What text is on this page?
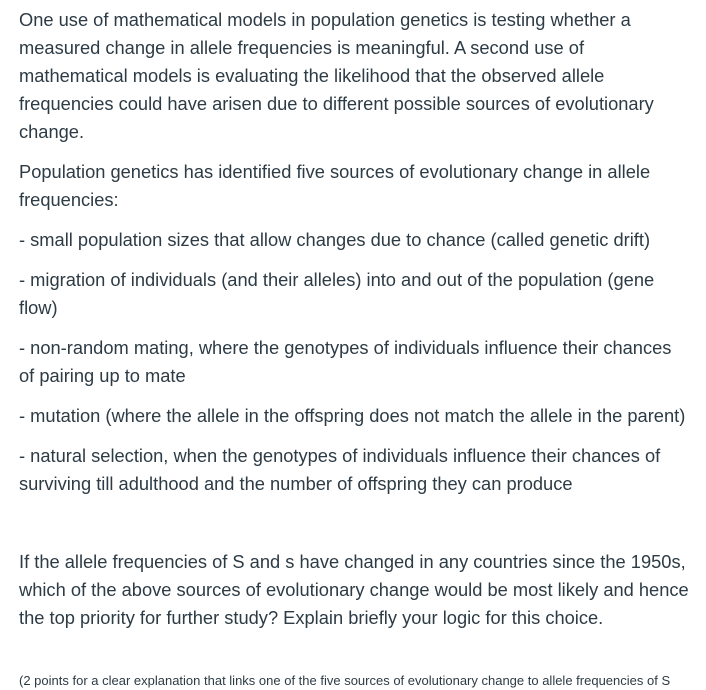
One use of mathematical models in population genetics is testing whether a measured change in allele frequencies is meaningful. A second use of mathematical models is evaluating the likelihood that the observed allele frequencies could have arisen due to different possible sources of evolutionary change.

Population genetics has identified five sources of evolutionary change in allele frequencies:

- small population sizes that allow changes due to chance (called genetic drift)

- migration of individuals (and their alleles) into and out of the population (gene flow)

- non-random mating, where the genotypes of individuals influence their chances of pairing up to mate

- mutation (where the allele in the offspring does not match the allele in the parent)

- natural selection, when the genotypes of individuals influence their chances of surviving till adulthood and the number of offspring they can produce

If the allele frequencies of S and s have changed in any countries since the 1950s, which of the above sources of evolutionary change would be most likely and hence the top priority for further study? Explain briefly your logic for this choice.

(2 points for a clear explanation that links one of the five sources of evolutionary change to allele frequencies of S
